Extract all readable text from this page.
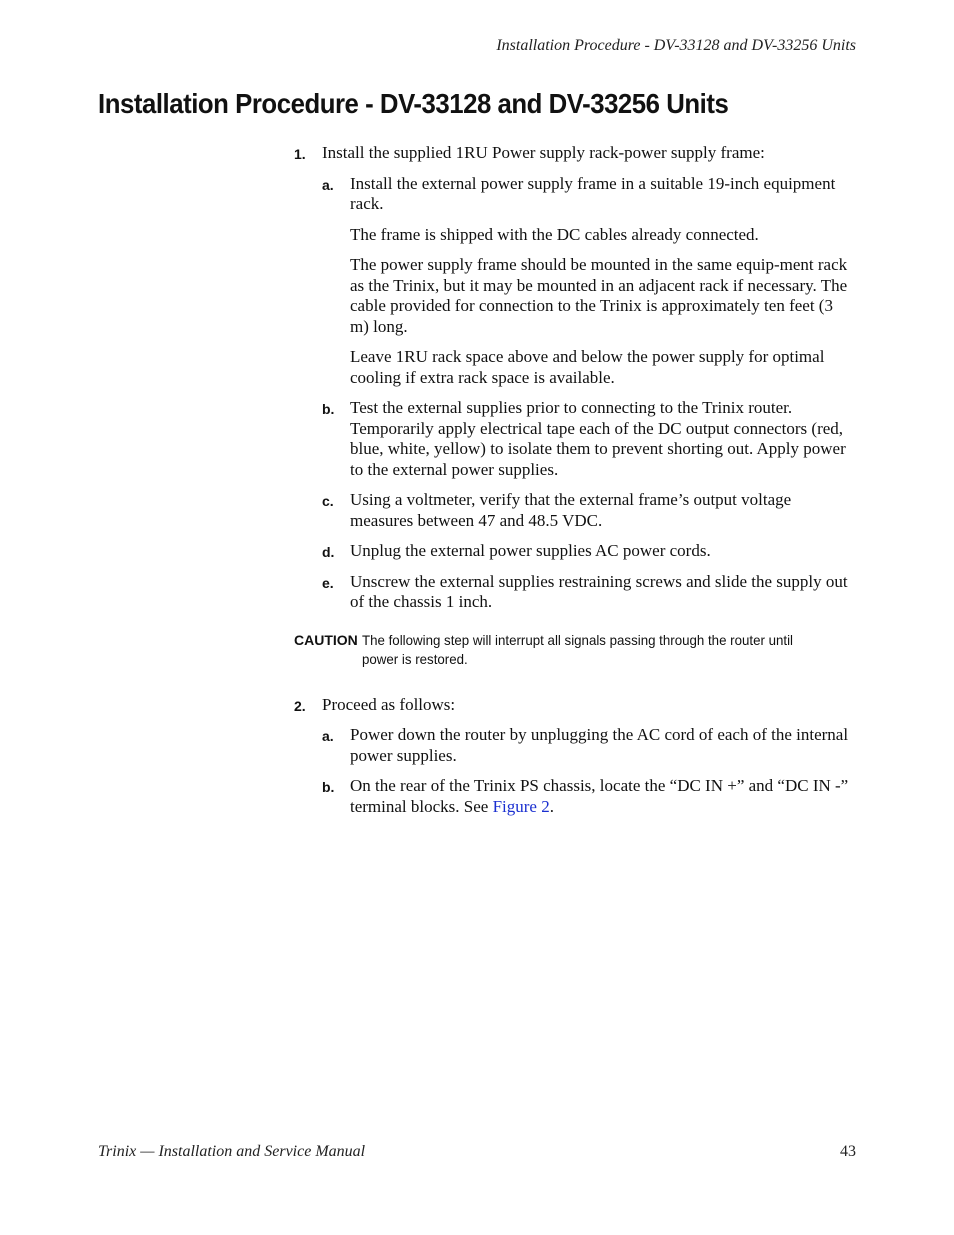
Installation Procedure - DV-33128 and DV-33256 Units
Installation Procedure - DV-33128 and DV-33256 Units
1. Install the supplied 1RU Power supply rack-power supply frame:

a. Install the external power supply frame in a suitable 19-inch equipment rack.

The frame is shipped with the DC cables already connected.

The power supply frame should be mounted in the same equip-ment rack as the Trinix, but it may be mounted in an adjacent rack if necessary. The cable provided for connection to the Trinix is approximately ten feet (3 m) long.

Leave 1RU rack space above and below the power supply for optimal cooling if extra rack space is available.

b. Test the external supplies prior to connecting to the Trinix router. Temporarily apply electrical tape each of the DC output connectors (red, blue, white, yellow) to isolate them to prevent shorting out. Apply power to the external power supplies.

c. Using a voltmeter, verify that the external frame’s output voltage measures between 47 and 48.5 VDC.

d. Unplug the external power supplies AC power cords.

e. Unscrew the external supplies restraining screws and slide the supply out of the chassis 1 inch.

CAUTION The following step will interrupt all signals passing through the router until power is restored.
2. Proceed as follows:

a. Power down the router by unplugging the AC cord of each of the internal power supplies.

b. On the rear of the Trinix PS chassis, locate the “DC IN +” and “DC IN -” terminal blocks. See Figure 2.

Trinix — Installation and Service Manual	43
